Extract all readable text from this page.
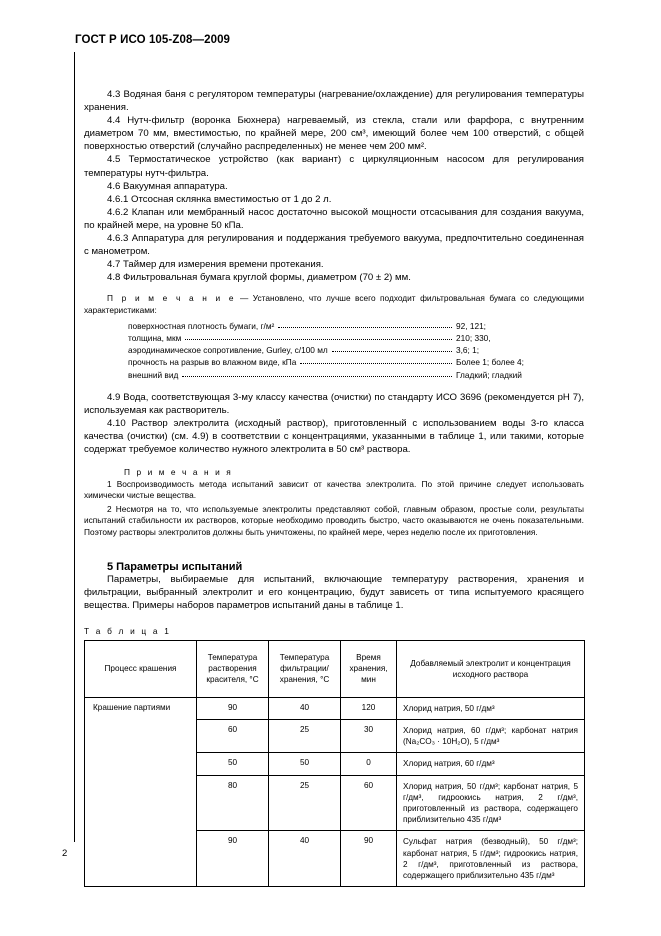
ГОСТ Р ИСО 105-Z08—2009

4.3 Водяная баня с регулятором температуры (нагревание/охлаждение) для регулирования температуры хранения.

4.4 Нутч-фильтр (воронка Бюхнера) нагреваемый, из стекла, стали или фарфора, с внутренним диаметром 70 мм, вместимостью, по крайней мере, 200 см³, имеющий более чем 100 отверстий, с общей поверхностью отверстий (случайно распределенных) не менее чем 200 мм².

4.5 Термостатическое устройство (как вариант) с циркуляционным насосом для регулирования температуры нутч-фильтра.

4.6 Вакуумная аппаратура.

4.6.1 Отсосная склянка вместимостью от 1 до 2 л.

4.6.2 Клапан или мембранный насос достаточно высокой мощности отсасывания для создания вакуума, по крайней мере, на уровне 50 кПа.

4.6.3 Аппаратура для регулирования и поддержания требуемого вакуума, предпочтительно соединенная с манометром.

4.7 Таймер для измерения времени протекания.

4.8 Фильтровальная бумага круглой формы, диаметром (70 ± 2) мм.

П р и м е ч а н и е — Установлено, что лучше всего подходит фильтровальная бумага со следующими характеристиками:
поверхностная плотность бумаги, г/м²	92, 121;
толщина, мкм	210; 330,
аэродинамическое сопротивление, Gurley, с/100 мл	3,6; 1;
прочность на разрыв во влажном виде, кПа	Более 1; более 4;
внешний вид	Гладкий; гладкий

4.9 Вода, соответствующая 3-му классу качества (очистки) по стандарту ИСО 3696 (рекомендуется рН 7), используемая как растворитель.

4.10 Раствор электролита (исходный раствор), приготовленный с использованием воды 3-го класса качества (очистки) (см. 4.9) в соответствии с концентрациями, указанными в таблице 1, или такими, которые содержат требуемое количество нужного электролита в 50 см³ раствора.

П р и м е ч а н и я
1 Воспроизводимость метода испытаний зависит от качества электролита. По этой причине следует использовать химически чистые вещества.
2 Несмотря на то, что используемые электролиты представляют собой, главным образом, простые соли, результаты испытаний стабильности их растворов, которые необходимо проводить быстро, часто оказываются не очень показательными. Поэтому растворы электролитов должны быть уничтожены, по крайней мере, через неделю после их приготовления.
5 Параметры испытаний

Параметры, выбираемые для испытаний, включающие температуру растворения, хранения и фильтрации, выбранный электролит и его концентрацию, будут зависеть от типа испытуемого красящего вещества. Примеры наборов параметров испытаний даны в таблице 1.

Т а б л и ц а 1
Процесс крашения	Температура растворения красителя, °С	Температура фильтрации/ хранения, °С	Время хранения, мин	Добавляемый электролит и концентрация исходного раствора
Крашение партиями	90	40	120	Хлорид натрия, 50 г/дм³
	60	25	30	Хлорид натрия, 60 г/дм³; карбонат натрия (Na₂CO₃ · 10H₂O), 5 г/дм³
	50	50	0	Хлорид натрия, 60 г/дм³
	80	25	60	Хлорид натрия, 50 г/дм³; карбонат натрия, 5 г/дм³, гидроокись натрия, 2 г/дм³, приготовленный из раствора, содержащего приблизительно 435 г/дм³
	90	40	90	Сульфат натрия (безводный), 50 г/дм³; карбонат натрия, 5 г/дм³; гидроокись натрия, 2 г/дм³, приготовленный из раствора, содержащего приблизительно 435 г/дм³
2
